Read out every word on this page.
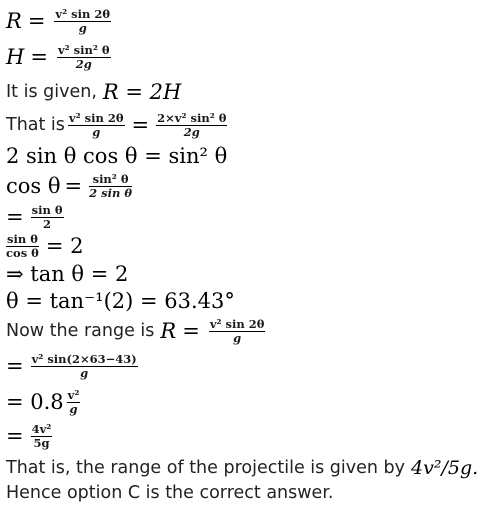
$R = \frac{\text{v² sin 2θ}}{g}$
$H = \frac{\text{v² sin² θ}}{2g}$
It is given, R = 2H
That is $\frac{\text{v² sin 2θ}}{g} = \frac{\text{2×v² sin² θ}}{2g}$
2 sin θ cos θ = sin² θ
$\cos \theta = \frac{\text{sin² θ}}{\text{2 sin θ}}$
= $\frac{\text{sin θ}}{2}$
$\frac{\text{sin θ}}{\text{cos θ}} = 2$
⇒ tan θ = 2
θ = tan⁻¹(2) = 63.43°
Now the range is $R = \frac{\text{v² sin 2θ}}{g}$
= $\frac{\text{v² sin(2×63−43)}}{g}$
= $0.8 \frac{\text{v²}}{g}$
= $\frac{\text{4v²}}{5g}$
That is, the range of the projectile is given by 4v²/5g.
Hence option C is the correct answer.
